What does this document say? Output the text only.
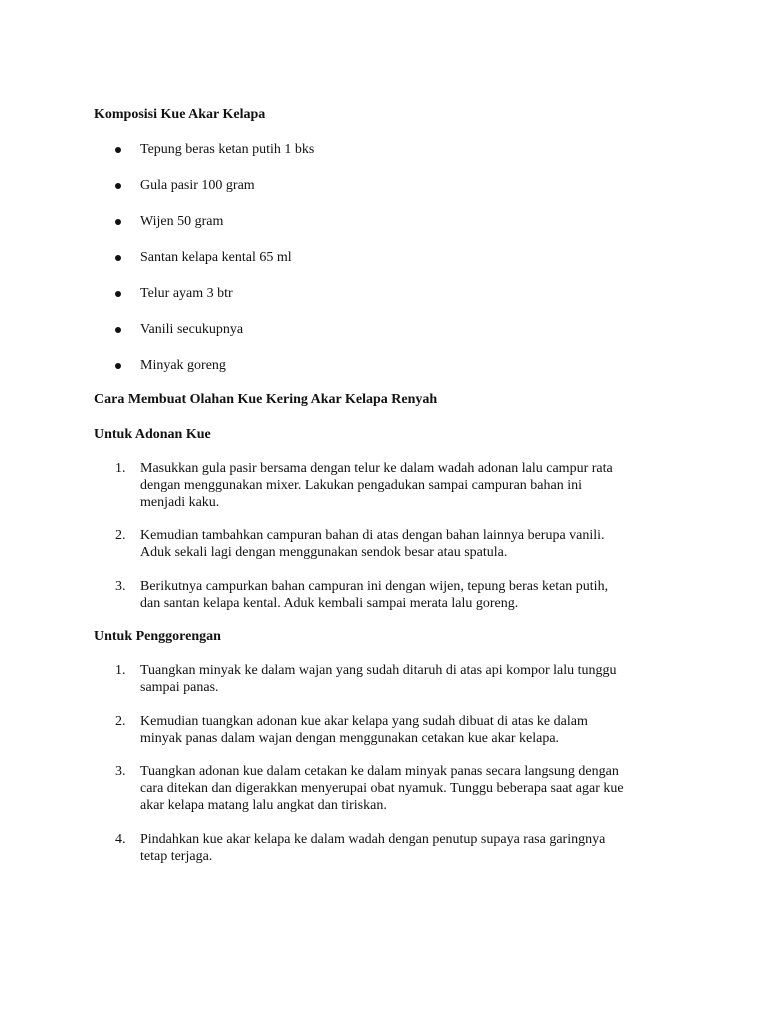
Komposisi Kue Akar Kelapa
Tepung beras ketan putih 1 bks
Gula pasir 100 gram
Wijen 50 gram
Santan kelapa kental 65 ml
Telur ayam 3 btr
Vanili secukupnya
Minyak goreng
Cara Membuat Olahan Kue Kering Akar Kelapa Renyah
Untuk Adonan Kue
1. Masukkan gula pasir bersama dengan telur ke dalam wadah adonan lalu campur rata
dengan menggunakan mixer. Lakukan pengadukan sampai campuran bahan ini
menjadi kaku.
2. Kemudian tambahkan campuran bahan di atas dengan bahan lainnya berupa vanili.
Aduk sekali lagi dengan menggunakan sendok besar atau spatula.
3. Berikutnya campurkan bahan campuran ini dengan wijen, tepung beras ketan putih,
dan santan kelapa kental. Aduk kembali sampai merata lalu goreng.
Untuk Penggorengan
1. Tuangkan minyak ke dalam wajan yang sudah ditaruh di atas api kompor lalu tunggu
sampai panas.
2. Kemudian tuangkan adonan kue akar kelapa yang sudah dibuat di atas ke dalam
minyak panas dalam wajan dengan menggunakan cetakan kue akar kelapa.
3. Tuangkan adonan kue dalam cetakan ke dalam minyak panas secara langsung dengan
cara ditekan dan digerakkan menyerupai obat nyamuk. Tunggu beberapa saat agar kue
akar kelapa matang lalu angkat dan tiriskan.
4. Pindahkan kue akar kelapa ke dalam wadah dengan penutup supaya rasa garingnya
tetap terjaga.
